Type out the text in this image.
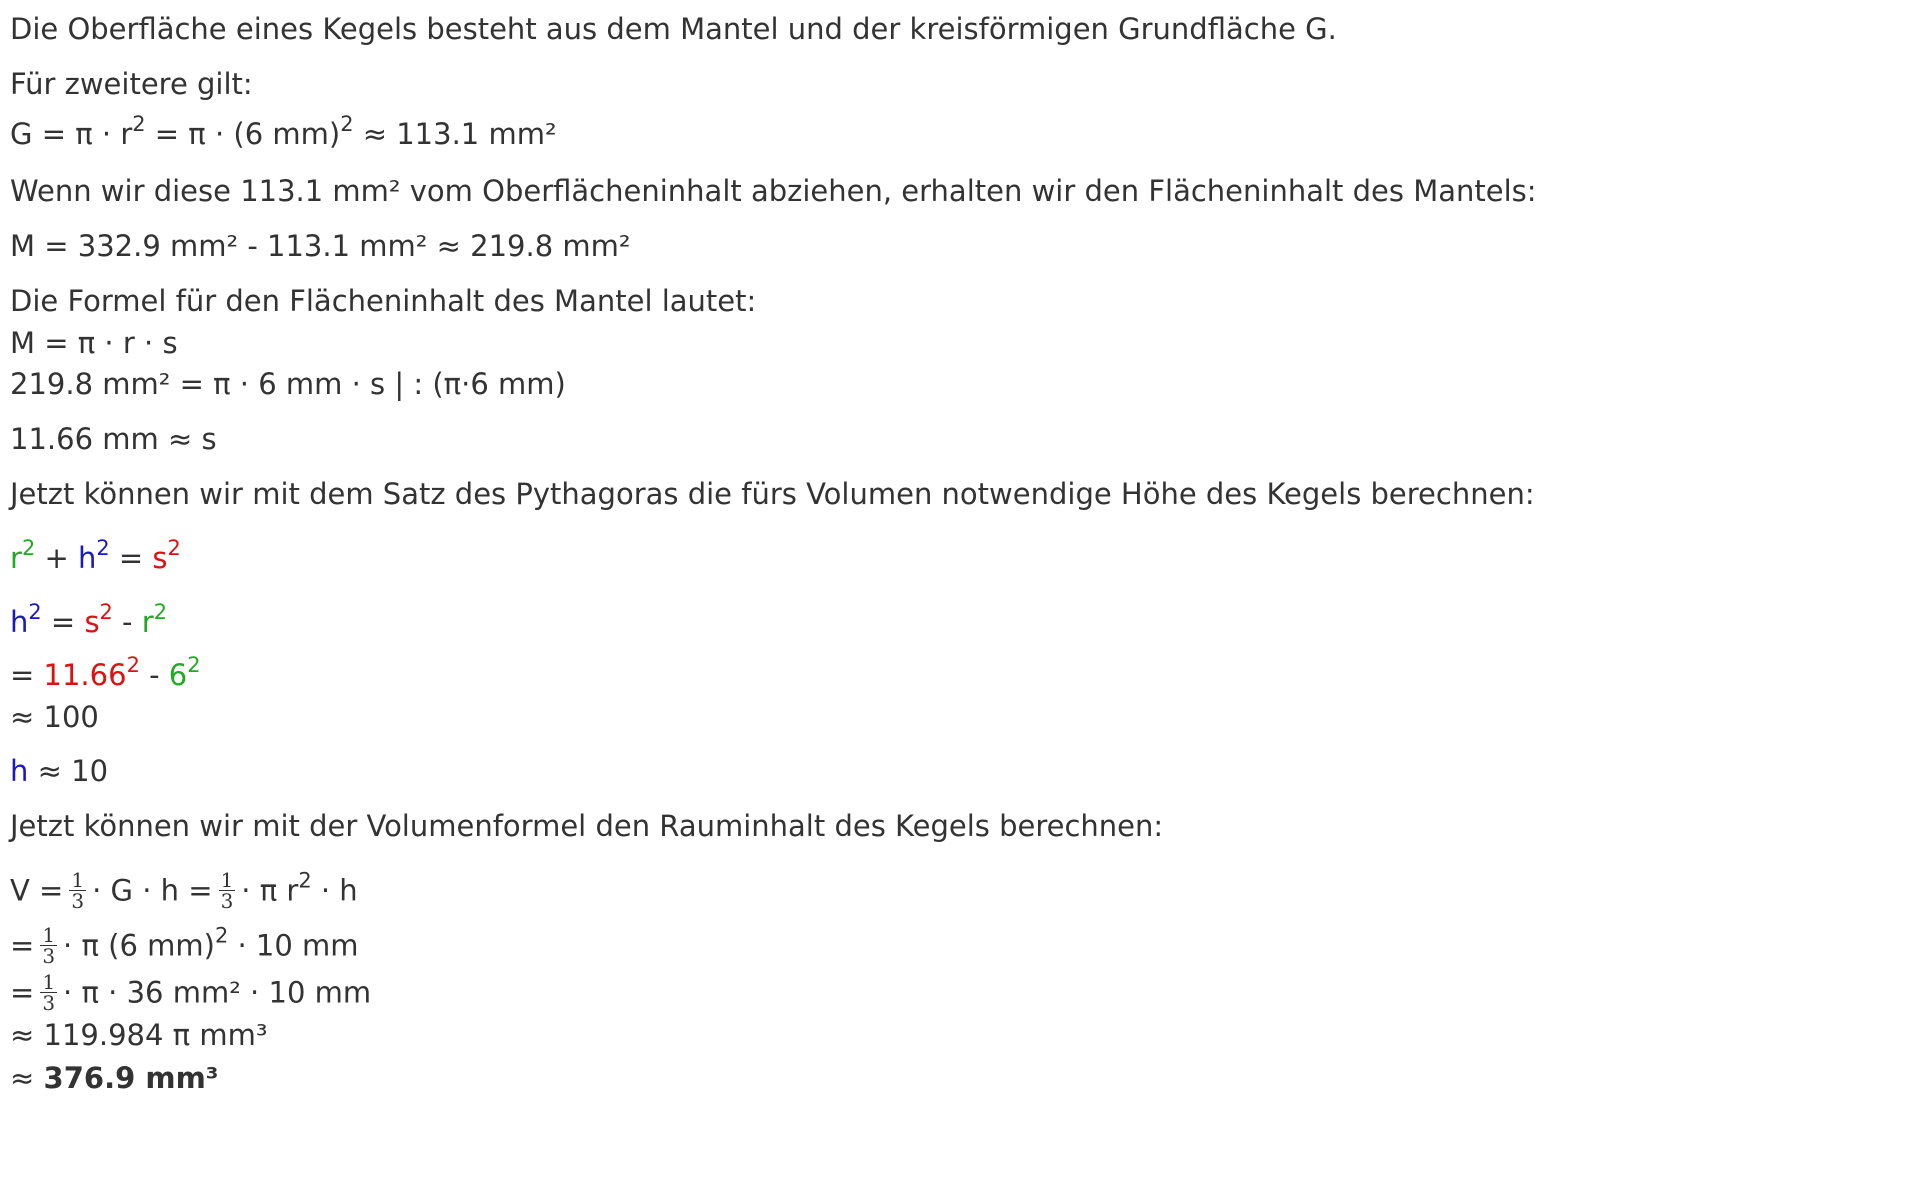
Die Oberfläche eines Kegels besteht aus dem Mantel und der kreisförmigen Grundfläche G.
Für zweitere gilt:
$G = \pi \cdot r^2 = \pi \cdot (6$ mm)$^2$ ≈ 113.1 mm²
Wenn wir diese 113.1 mm² vom Oberflächeninhalt abziehen, erhalten wir den Flächeninhalt des Mantels:
M = 332.9 mm² - 113.1 mm² ≈ 219.8 mm²
Die Formel für den Flächeninhalt des Mantel lautet:
M = π · r · s
219.8 mm² = π · 6 mm · s | : (π·6 mm)
11.66 mm ≈ s
Jetzt können wir mit dem Satz des Pythagoras die fürs Volumen notwendige Höhe des Kegels berechnen:
$r^2 + h^2 = s^2$
$h^2 = s^2 - r^2$
= $11.66^2 - 6^2$
≈ 100
h ≈ 10
Jetzt können wir mit der Volumenformel den Rauminhalt des Kegels berechnen:
$V = \frac{1}{3} \cdot G \cdot h = \frac{1}{3} \cdot \pi$ $r^2 \cdot h$
= $\frac{1}{3} \cdot \pi$ (6 mm)$^2$ · 10 mm
= $\frac{1}{3} \cdot \pi \cdot 36$ mm² · 10 mm
≈ 119.984 π mm³
≈ 376.9 mm³
